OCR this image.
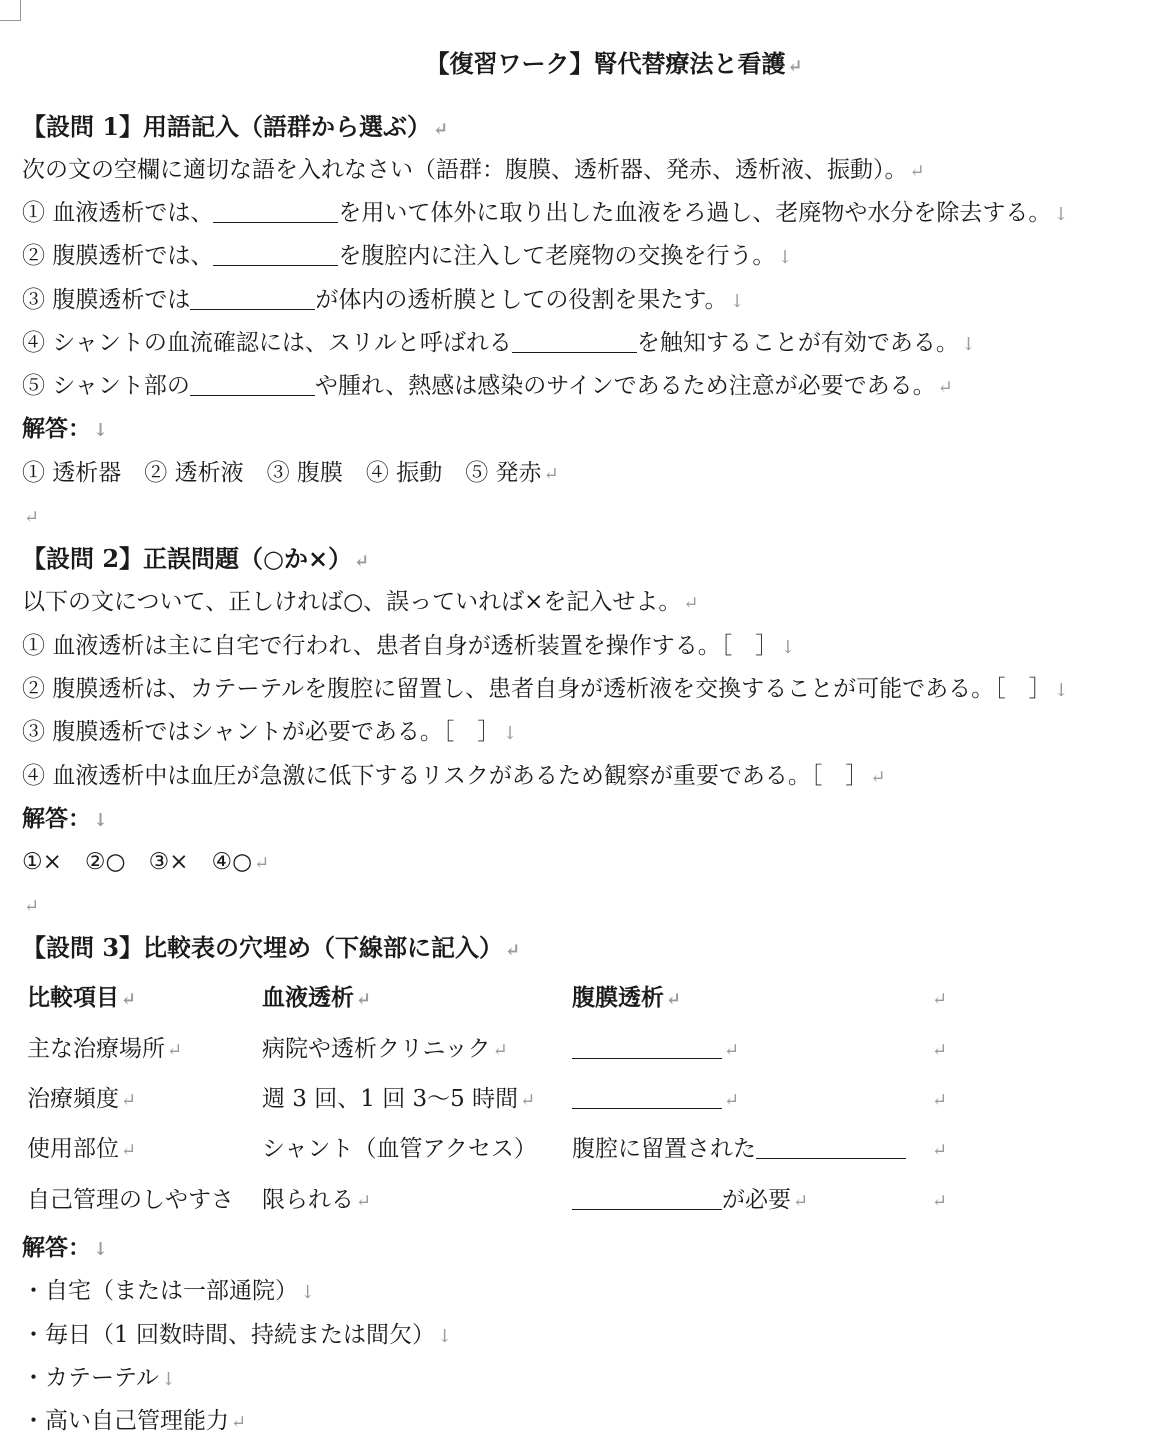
【復習ワーク】腎代替療法と看護 ↵
【設問 1】用語記入（語群から選ぶ） ↵
次の文の空欄に適切な語を入れなさい（語群：腹膜、透析器、発赤、透析液、振動）。 ↵
① 血液透析では、	を用いて体外に取り出した血液をろ過し、老廃物や水分を除去する。 ↓
② 腹膜透析では、	を腹腔内に注入して老廃物の交換を行う。 ↓
③ 腹膜透析では	が体内の透析膜としての役割を果たす。 ↓
④ シャントの血流確認には、スリルと呼ばれる	を触知することが有効である。 ↓
⑤ シャント部の	や腫れ、熱感は感染のサインであるため注意が必要である。 ↵
解答： ↓
① 透析器　② 透析液　③ 腹膜　④ 振動　⑤ 発赤 ↵
↵
【設問 2】正誤問題（○か×） ↵
以下の文について、正しければ○、誤っていれば×を記入せよ。 ↵
① 血液透析は主に自宅で行われ、患者自身が透析装置を操作する。［　］ ↓
② 腹膜透析は、カテーテルを腹腔に留置し、患者自身が透析液を交換することが可能である。［　］ ↓
③ 腹膜透析ではシャントが必要である。［　］ ↓
④ 血液透析中は血圧が急激に低下するリスクがあるため観察が重要である。［　］ ↵
解答： ↓
①×　②○　③×　④○ ↵
↵
【設問 3】比較表の穴埋め（下線部に記入） ↵
比較項目 ↵	血液透析 ↵	腹膜透析 ↵	↵
主な治療場所 ↵	病院や透析クリニック ↵	↵	↵
治療頻度 ↵	週 3 回、1 回 3〜5 時間 ↵	↵	↵
使用部位 ↵	シャント（血管アクセス）	腹腔に留置された	↵
自己管理のしやすさ	限られる ↵	が必要 ↵	↵
解答： ↓
・自宅（または一部通院） ↓
・毎日（1 回数時間、持続または間欠） ↓
・カテーテル ↓
・高い自己管理能力 ↵
